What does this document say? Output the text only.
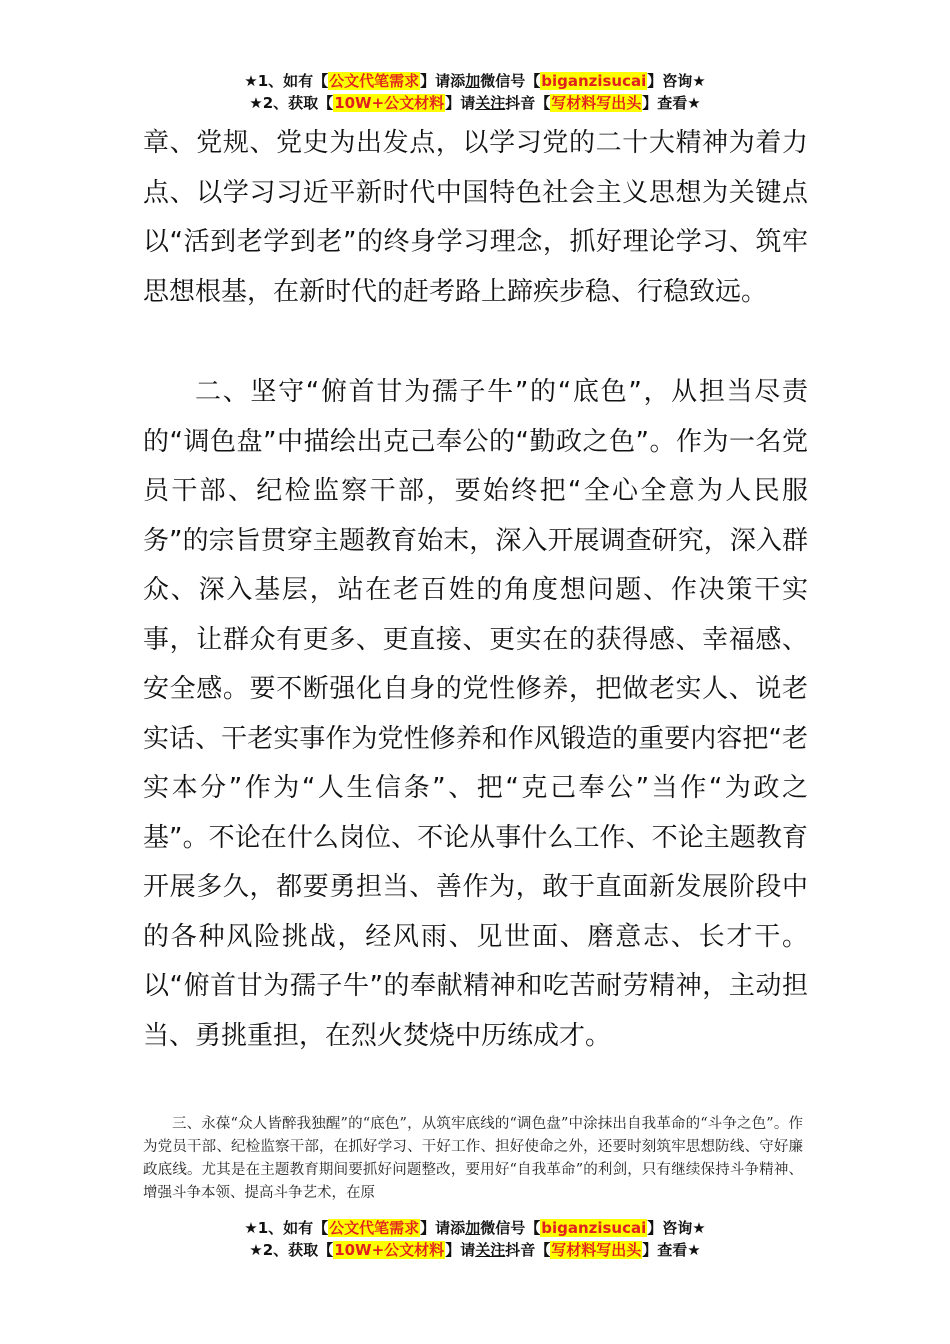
★1、如有【公文代笔需求】请添加微信号【biganzisucai】咨询★
★2、获取【10W+公文材料】请关注抖音【写材料写出头】查看★

章、党规、党史为出发点，以学习党的二十大精神为着力点、以学习习近平新时代中国特色社会主义思想为关键点以“活到老学到老”的终身学习理念，抓好理论学习、筑牢思想根基，在新时代的赶考路上蹄疾步稳、行稳致远。

二、坚守“俯首甘为孺子牛”的“底色”，从担当尽责的“调色盘”中描绘出克己奉公的“勤政之色”。作为一名党员干部、纪检监察干部，要始终把“全心全意为人民服务”的宗旨贯穿主题教育始末，深入开展调查研究，深入群众、深入基层，站在老百姓的角度想问题、作决策干实事，让群众有更多、更直接、更实在的获得感、幸福感、安全感。要不断强化自身的党性修养，把做老实人、说老实话、干老实事作为党性修养和作风锻造的重要内容把“老实本分”作为“人生信条”、把“克己奉公”当作“为政之基”。不论在什么岗位、不论从事什么工作、不论主题教育开展多久，都要勇担当、善作为，敢于直面新发展阶段中的各种风险挑战，经风雨、见世面、磨意志、长才干。以“俯首甘为孺子牛”的奉献精神和吃苦耐劳精神，主动担当、勇挑重担，在烈火焚烧中历练成才。

三、永葆“众人皆醉我独醒”的“底色”，从筑牢底线的“调色盘”中涂抹出自我革命的“斗争之色”。作为党员干部、纪检监察干部，在抓好学习、干好工作、担好使命之外，还要时刻筑牢思想防线、守好廉政底线。尤其是在主题教育期间要抓好问题整改，要用好“自我革命”的利剑，只有继续保持斗争精神、增强斗争本领、提高斗争艺术，在原

★1、如有【公文代笔需求】请添加微信号【biganzisucai】咨询★
★2、获取【10W+公文材料】请关注抖音【写材料写出头】查看★
